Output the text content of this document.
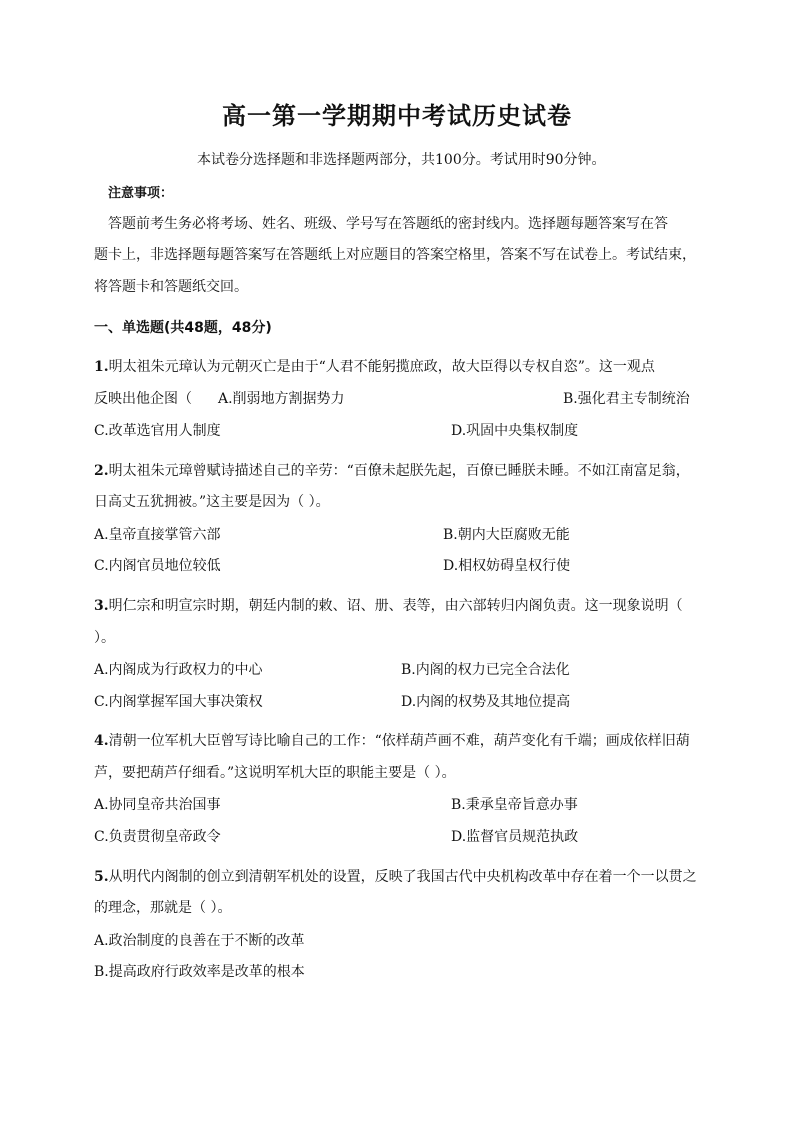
高一第一学期期中考试历史试卷
本试卷分选择题和非选择题两部分，共100分。考试用时90分钟。
注意事项：
答题前考生务必将考场、姓名、班级、学号写在答题纸的密封线内。选择题每题答案写在答
题卡上，非选择题每题答案写在答题纸上对应题目的答案空格里，答案不写在试卷上。考试结束，
将答题卡和答题纸交回。
一、单选题(共48题，48分)
1.明太祖朱元璋认为元朝灭亡是由于“人君不能躬揽庶政，故大臣得以专权自恣”。这一观点
反映出他企图（ A.削弱地方割据势力	B.强化君主专制统治
C.改革选官用人制度	D.巩固中央集权制度
2.明太祖朱元璋曾赋诗描述自己的辛劳：“百僚未起朕先起，百僚已睡朕未睡。不如江南富足翁，
日高丈五犹拥被。”这主要是因为（ ）。
A.皇帝直接掌管六部	B.朝内大臣腐败无能
C.内阁官员地位较低	D.相权妨碍皇权行使
3.明仁宗和明宣宗时期，朝廷内制的敕、诏、册、表等，由六部转归内阁负责。这一现象说明（
）。
A.内阁成为行政权力的中心	B.内阁的权力已完全合法化
C.内阁掌握军国大事决策权	D.内阁的权势及其地位提高
4.清朝一位军机大臣曾写诗比喻自己的工作：“依样葫芦画不难，葫芦变化有千端；画成依样旧葫
芦，要把葫芦仔细看。”这说明军机大臣的职能主要是（ ）。
A.协同皇帝共治国事	B.秉承皇帝旨意办事
C.负责贯彻皇帝政令	D.监督官员规范执政
5.从明代内阁制的创立到清朝军机处的设置，反映了我国古代中央机构改革中存在着一个一以贯之
的理念，那就是（ ）。
A.政治制度的良善在于不断的改革
B.提高政府行政效率是改革的根本
